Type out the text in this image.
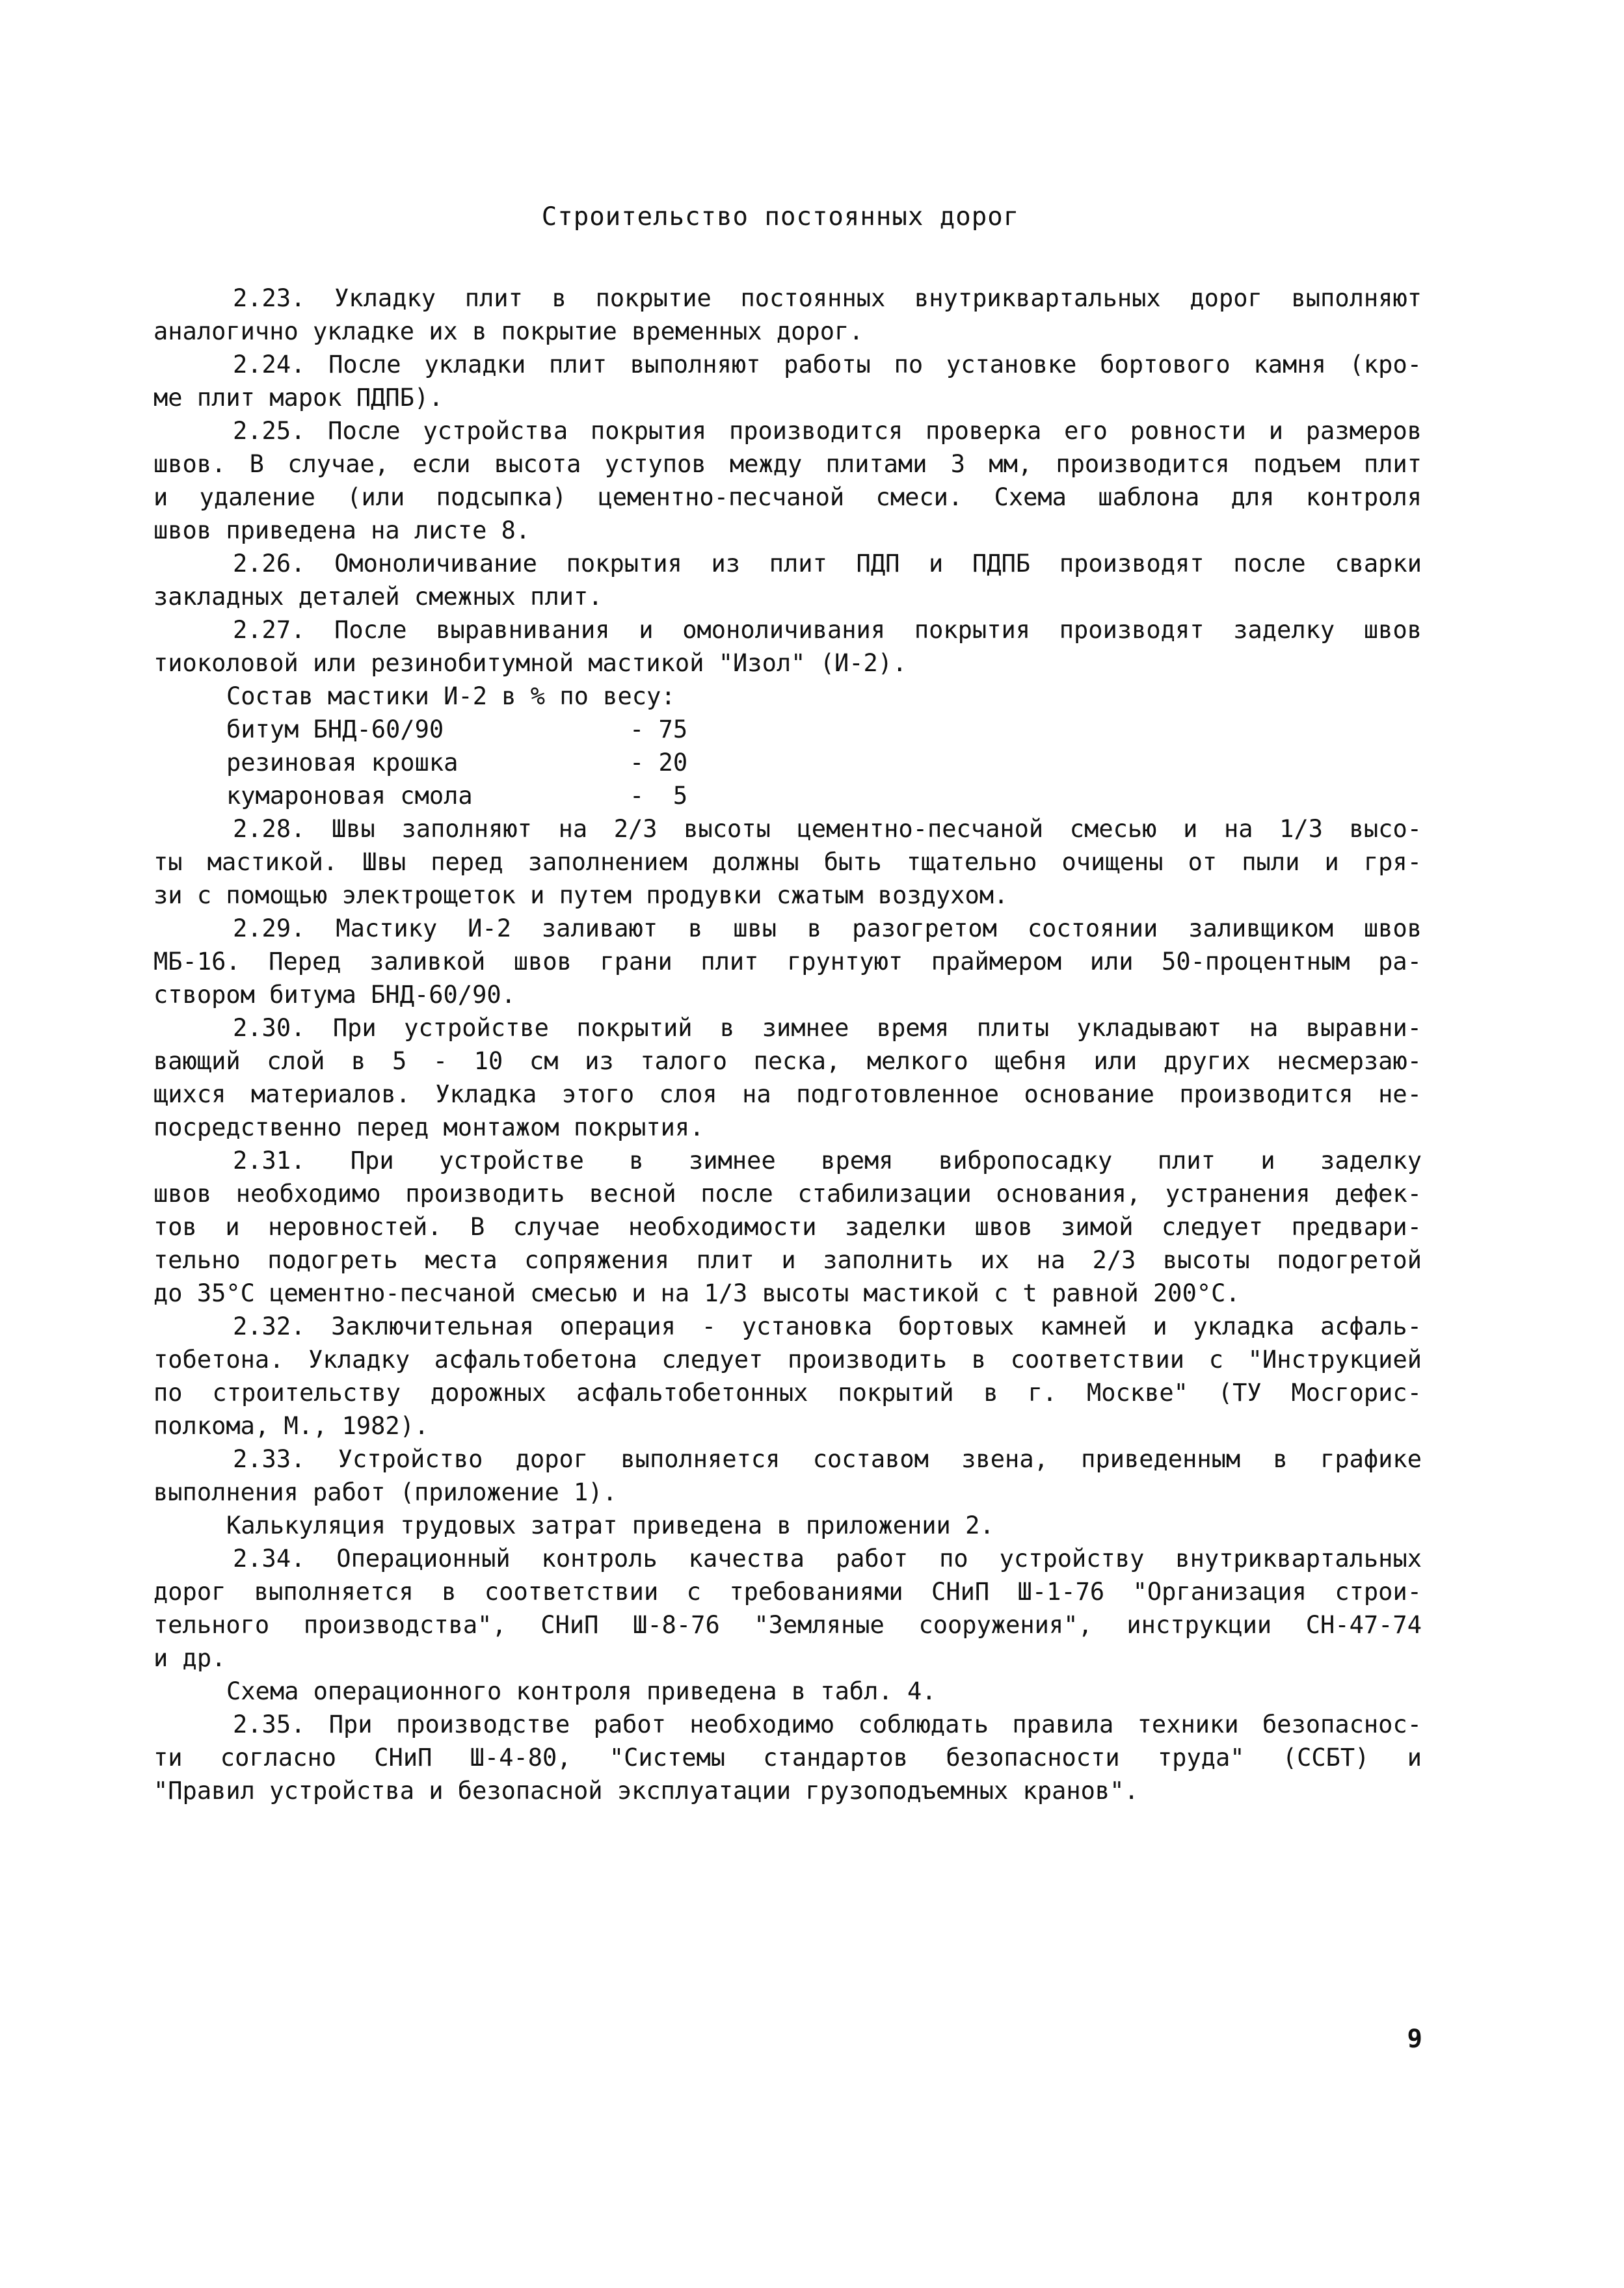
Строительство постоянных дорог
2.23. Укладку плит в покрытие постоянных внутриквартальных дорог выполняют
аналогично укладке их в покрытие временных дорог.
2.24. После укладки плит выполняют работы по установке бортового камня (кро-
ме плит марок ПДПБ).
2.25. После устройства покрытия производится проверка его ровности и размеров
швов. В случае, если высота уступов между плитами 3 мм, производится подъем плит
и удаление (или подсыпка) цементно-песчаной смеси. Схема шаблона для контроля
швов приведена на листе 8.
2.26. Омоноличивание покрытия из плит ПДП и ПДПБ производят после сварки
закладных деталей смежных плит.
2.27. После выравнивания и омоноличивания покрытия производят заделку швов
тиоколовой или резинобитумной мастикой "Изол" (И-2).
Состав мастики И-2 в % по весу:
битум БНД-60/90	- 75
резиновая крошка	- 20
кумароновая смола	-  5
2.28. Швы заполняют на 2/3 высоты цементно-песчаной смесью и на 1/3 высо-
ты мастикой. Швы перед заполнением должны быть тщательно очищены от пыли и гря-
зи с помощью электрощеток и путем продувки сжатым воздухом.
2.29. Мастику И-2 заливают в швы в разогретом состоянии заливщиком швов
МБ-16. Перед заливкой швов грани плит грунтуют праймером или 50-процентным ра-
створом битума БНД-60/90.
2.30. При устройстве покрытий в зимнее время плиты укладывают на выравни-
вающий слой в 5 - 10 см из талого песка, мелкого щебня или других несмерзаю-
щихся материалов. Укладка этого слоя на подготовленное основание производится не-
посредственно перед монтажом покрытия.
2.31. При устройстве в зимнее время вибропосадку плит и заделку
швов необходимо производить весной после стабилизации основания, устранения дефек-
тов и неровностей. В случае необходимости заделки швов зимой следует предвари-
тельно подогреть места сопряжения плит и заполнить их на 2/3 высоты подогретой
до 35°С цементно-песчаной смесью и на 1/3 высоты мастикой с t равной 200°С.
2.32. Заключительная операция - установка бортовых камней и укладка асфаль-
тобетона. Укладку асфальтобетона следует производить в соответствии с "Инструкцией
по строительству дорожных асфальтобетонных покрытий в г. Москве" (ТУ Мосгорис-
полкома, М., 1982).
2.33. Устройство дорог выполняется составом звена, приведенным в графике
выполнения работ (приложение 1).
Калькуляция трудовых затрат приведена в приложении 2.
2.34. Операционный контроль качества работ по устройству внутриквартальных
дорог выполняется в соответствии с требованиями СНиП Ш-1-76 "Организация строи-
тельного производства", СНиП Ш-8-76 "Земляные сооружения", инструкции СН-47-74
и др.
Схема операционного контроля приведена в табл. 4.
2.35. При производстве работ необходимо соблюдать правила техники безопаснос-
ти согласно СНиП Ш-4-80, "Системы стандартов безопасности труда" (ССБТ) и
"Правил устройства и безопасной эксплуатации грузоподъемных кранов".
9
